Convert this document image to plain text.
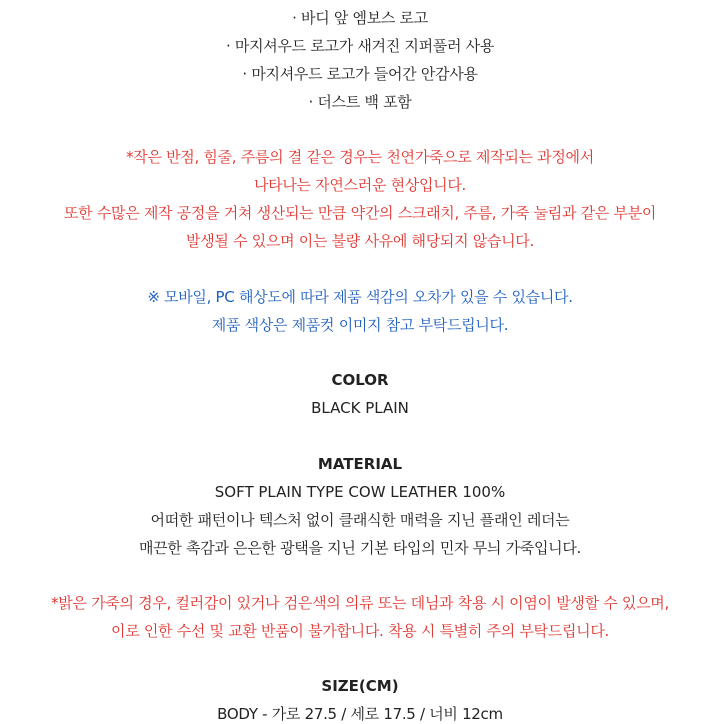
· 바디 앞 엠보스 로고
· 마지셔우드 로고가 새겨진 지퍼풀러 사용
· 마지셔우드 로고가 들어간 안감사용
· 더스트 백 포함
*작은 반점, 힘줄, 주름의 결 같은 경우는 천연가죽으로 제작되는 과정에서
나타나는 자연스러운 현상입니다.
또한 수많은 제작 공정을 거쳐 생산되는 만큼 약간의 스크래치, 주름, 가죽 눌림과 같은 부분이
발생될 수 있으며 이는 불량 사유에 해당되지 않습니다.
※ 모바일, PC 해상도에 따라 제품 색감의 오차가 있을 수 있습니다.
제품 색상은 제품컷 이미지 참고 부탁드립니다.
COLOR
BLACK PLAIN
MATERIAL
SOFT PLAIN TYPE COW LEATHER 100%
어떠한 패턴이나 텍스처 없이 클래식한 매력을 지닌 플래인 레더는
매끈한 촉감과 은은한 광택을 지닌 기본 타입의 민자 무늬 가죽입니다.
*밝은 가죽의 경우, 컬러감이 있거나 검은색의 의류 또는 데님과 착용 시 이염이 발생할 수 있으며,
이로 인한 수선 및 교환 반품이 불가합니다. 착용 시 특별히 주의 부탁드립니다.
SIZE(CM)
BODY - 가로 27.5 / 세로 17.5 / 너비 12cm
